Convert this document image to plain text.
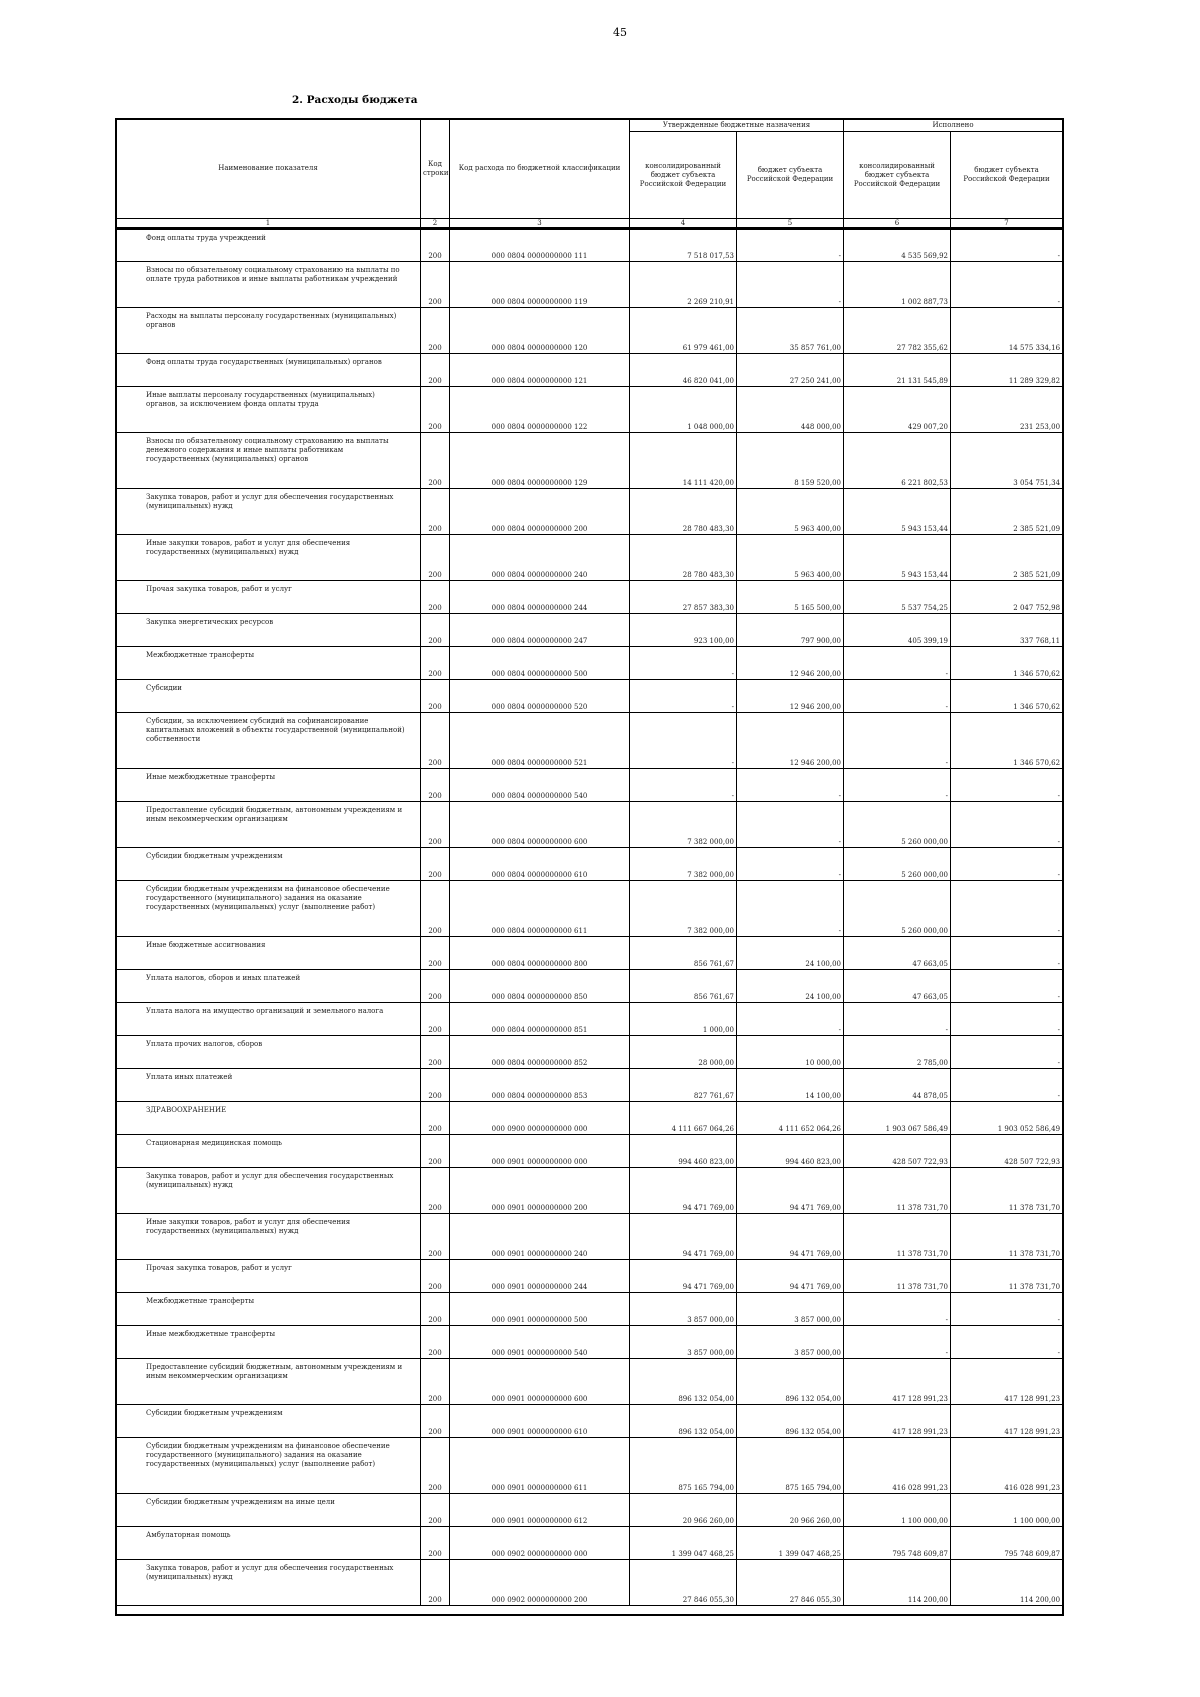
45
2. Расходы бюджета
Наименование показателя	Код строки	Код расхода по бюджетной классификации	Утвержденные бюджетные назначения		Исполнено	
			консолидированный бюджет субъекта Российской Федерации	бюджет субъекта Российской Федерации	консолидированный бюджет субъекта Российской Федерации	бюджет субъекта Российской Федерации
1	2	3	4	5	6	7
Фонд оплаты труда учреждений	200	000 0804 0000000000 111	7 518 017,53	-	4 535 569,92	-
Взносы по обязательному социальному страхованию на выплаты по оплате труда работников и иные выплаты работникам учреждений	200	000 0804 0000000000 119	2 269 210,91	-	1 002 887,73	-
Расходы на выплаты персоналу государственных (муниципальных) органов	200	000 0804 0000000000 120	61 979 461,00	35 857 761,00	27 782 355,62	14 575 334,16
Фонд оплаты труда государственных (муниципальных) органов	200	000 0804 0000000000 121	46 820 041,00	27 250 241,00	21 131 545,89	11 289 329,82
Иные выплаты персоналу государственных (муниципальных) органов, за исключением фонда оплаты труда	200	000 0804 0000000000 122	1 048 000,00	448 000,00	429 007,20	231 253,00
Взносы по обязательному социальному страхованию на выплаты денежного содержания и иные выплаты работникам государственных (муниципальных) органов	200	000 0804 0000000000 129	14 111 420,00	8 159 520,00	6 221 802,53	3 054 751,34
Закупка товаров, работ и услуг для обеспечения государственных (муниципальных) нужд	200	000 0804 0000000000 200	28 780 483,30	5 963 400,00	5 943 153,44	2 385 521,09
Иные закупки товаров, работ и услуг для обеспечения государственных (муниципальных) нужд	200	000 0804 0000000000 240	28 780 483,30	5 963 400,00	5 943 153,44	2 385 521,09
Прочая закупка товаров, работ и услуг	200	000 0804 0000000000 244	27 857 383,30	5 165 500,00	5 537 754,25	2 047 752,98
Закупка энергетических ресурсов	200	000 0804 0000000000 247	923 100,00	797 900,00	405 399,19	337 768,11
Межбюджетные трансферты	200	000 0804 0000000000 500	-	12 946 200,00	-	1 346 570,62
Субсидии	200	000 0804 0000000000 520	-	12 946 200,00	-	1 346 570,62
Субсидии, за исключением субсидий на софинансирование капитальных вложений в объекты государственной (муниципальной) собственности	200	000 0804 0000000000 521	-	12 946 200,00	-	1 346 570,62
Иные межбюджетные трансферты	200	000 0804 0000000000 540	-	-	-	-
Предоставление субсидий бюджетным, автономным учреждениям и иным некоммерческим организациям	200	000 0804 0000000000 600	7 382 000,00	-	5 260 000,00	-
Субсидии бюджетным учреждениям	200	000 0804 0000000000 610	7 382 000,00	-	5 260 000,00	-
Субсидии бюджетным учреждениям на финансовое обеспечение государственного (муниципального) задания на оказание государственных (муниципальных) услуг (выполнение работ)	200	000 0804 0000000000 611	7 382 000,00	-	5 260 000,00	-
Иные бюджетные ассигнования	200	000 0804 0000000000 800	856 761,67	24 100,00	47 663,05	-
Уплата налогов, сборов и иных платежей	200	000 0804 0000000000 850	856 761,67	24 100,00	47 663,05	-
Уплата налога на имущество организаций и земельного налога	200	000 0804 0000000000 851	1 000,00	-	-	-
Уплата прочих налогов, сборов	200	000 0804 0000000000 852	28 000,00	10 000,00	2 785,00	-
Уплата иных платежей	200	000 0804 0000000000 853	827 761,67	14 100,00	44 878,05	-
ЗДРАВООХРАНЕНИЕ	200	000 0900 0000000000 000	4 111 667 064,26	4 111 652 064,26	1 903 067 586,49	1 903 052 586,49
Стационарная медицинская помощь	200	000 0901 0000000000 000	994 460 823,00	994 460 823,00	428 507 722,93	428 507 722,93
Закупка товаров, работ и услуг для обеспечения государственных (муниципальных) нужд	200	000 0901 0000000000 200	94 471 769,00	94 471 769,00	11 378 731,70	11 378 731,70
Иные закупки товаров, работ и услуг для обеспечения государственных (муниципальных) нужд	200	000 0901 0000000000 240	94 471 769,00	94 471 769,00	11 378 731,70	11 378 731,70
Прочая закупка товаров, работ и услуг	200	000 0901 0000000000 244	94 471 769,00	94 471 769,00	11 378 731,70	11 378 731,70
Межбюджетные трансферты	200	000 0901 0000000000 500	3 857 000,00	3 857 000,00	-	-
Иные межбюджетные трансферты	200	000 0901 0000000000 540	3 857 000,00	3 857 000,00	-	-
Предоставление субсидий бюджетным, автономным учреждениям и иным некоммерческим организациям	200	000 0901 0000000000 600	896 132 054,00	896 132 054,00	417 128 991,23	417 128 991,23
Субсидии бюджетным учреждениям	200	000 0901 0000000000 610	896 132 054,00	896 132 054,00	417 128 991,23	417 128 991,23
Субсидии бюджетным учреждениям на финансовое обеспечение государственного (муниципального) задания на оказание государственных (муниципальных) услуг (выполнение работ)	200	000 0901 0000000000 611	875 165 794,00	875 165 794,00	416 028 991,23	416 028 991,23
Субсидии бюджетным учреждениям на иные цели	200	000 0901 0000000000 612	20 966 260,00	20 966 260,00	1 100 000,00	1 100 000,00
Амбулаторная помощь	200	000 0902 0000000000 000	1 399 047 468,25	1 399 047 468,25	795 748 609,87	795 748 609,87
Закупка товаров, работ и услуг для обеспечения государственных (муниципальных) нужд	200	000 0902 0000000000 200	27 846 055,30	27 846 055,30	114 200,00	114 200,00
